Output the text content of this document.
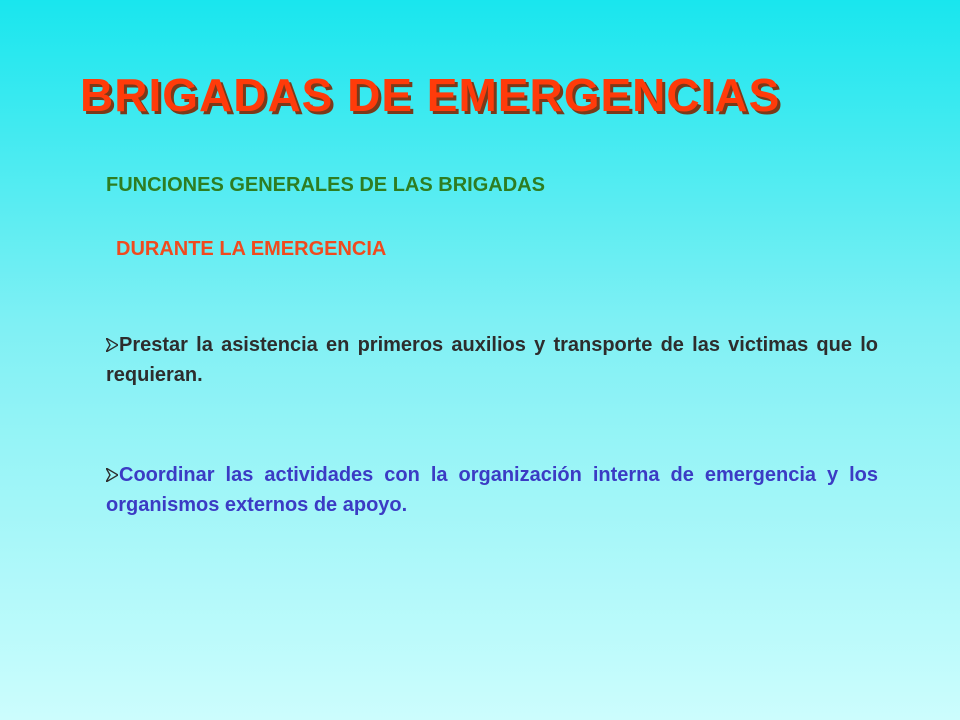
BRIGADAS DE EMERGENCIAS

FUNCIONES GENERALES DE LAS BRIGADAS

DURANTE LA EMERGENCIA

Prestar la asistencia en primeros auxilios y transporte de las victimas que lo requieran.

Coordinar las actividades con la organización interna de emergencia y los organismos externos de apoyo.
